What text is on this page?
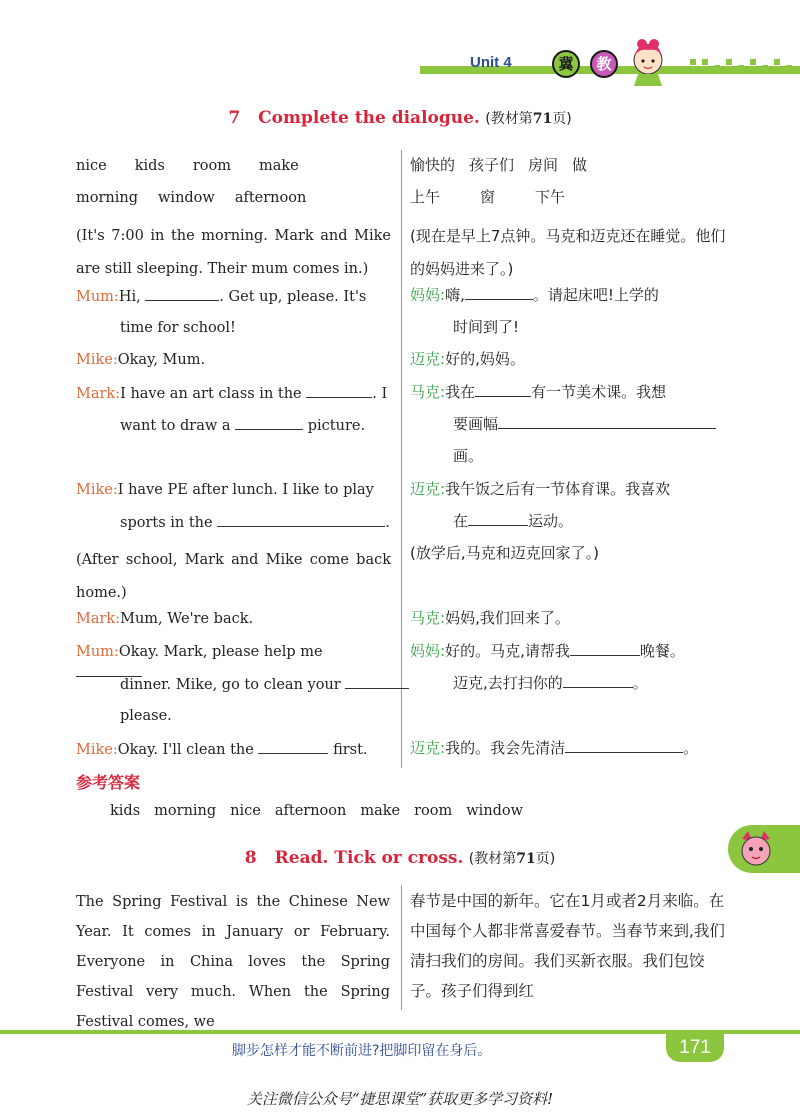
Unit 4	冀	教
7 Complete the dialogue. (教材第71页)
nice kids room make
morning window afternoon
愉快的 孩子们 房间 做
上午	窗	下午
(It's 7:00 in the morning. Mark and Mike are still sleeping. Their mum comes in.)
(现在是早上7点钟。马克和迈克还在睡觉。他们的妈妈进来了。)
Mum:Hi,	. Get up, please. It's
time for school!
妈妈:嗨,	。请起床吧!上学的
时间到了!
Mike:Okay, Mum.	迈克:好的,妈妈。
Mark:I have an art class in the	. I
want to draw a	picture.
马克:我在	有一节美术课。我想
要画幅
画。
Mike:I have PE after lunch. I like to play
sports in the	.
迈克:我午饭之后有一节体育课。我喜欢
在	运动。
(After school, Mark and Mike come back home.)
(放学后,马克和迈克回家了。)
Mark:Mum, We're back.	马克:妈妈,我们回来了。
Mum:Okay. Mark, please help me
dinner. Mike, go to clean your
please.
妈妈:好的。马克,请帮我	晚餐。
迈克,去打扫你的	。
Mike:Okay. I'll clean the	first.	迈克:我的。我会先清洁	。
参考答案
kids morning nice afternoon make room window
8 Read. Tick or cross. (教材第71页)
The Spring Festival is the Chinese New Year. It comes in January or February. Everyone in China loves the Spring Festival very much. When the Spring Festival comes, we
春节是中国的新年。它在1月或者2月来临。在中国每个人都非常喜爱春节。当春节来到,我们清扫我们的房间。我们买新衣服。我们包饺子。孩子们得到红
脚步怎样才能不断前进?把脚印留在身后。	171
关注微信公众号“捷思课堂”获取更多学习资料!
